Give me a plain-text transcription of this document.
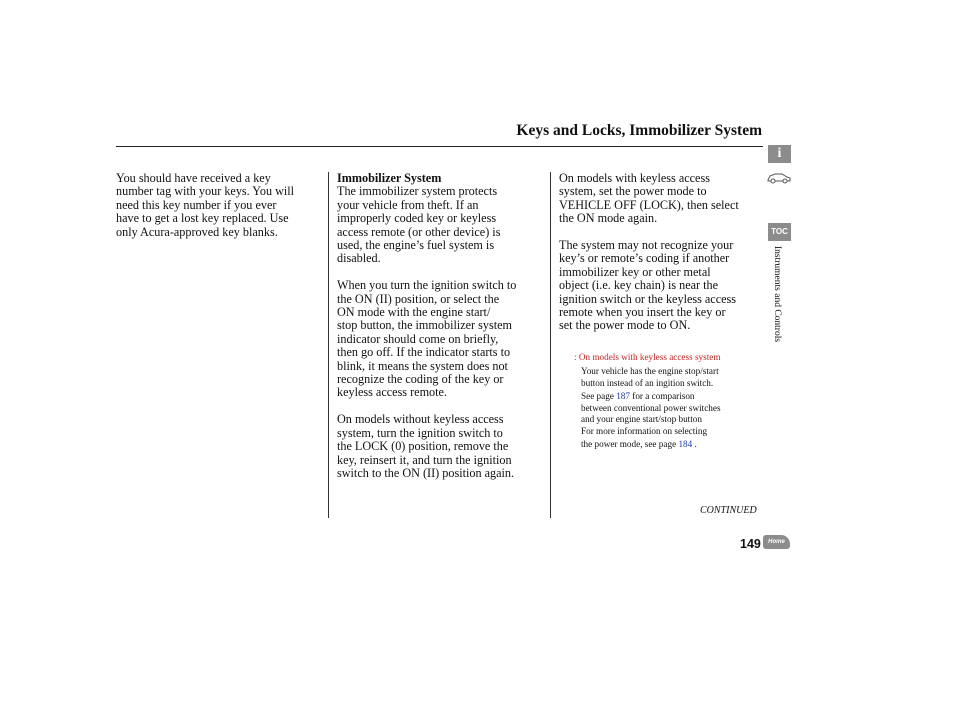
Keys and Locks, Immobilizer System
You should have received a key
number tag with your keys. You will
need this key number if you ever
have to get a lost key replaced. Use
only Acura-approved key blanks.
Immobilizer System

The immobilizer system protects
your vehicle from theft. If an
improperly coded key or keyless
access remote (or other device) is
used, the engine’s fuel system is
disabled.

When you turn the ignition switch to
the ON (II) position, or select the
ON mode with the engine start/
stop button, the immobilizer system
indicator should come on briefly,
then go off. If the indicator starts to
blink, it means the system does not
recognize the coding of the key or
keyless access remote.

On models without keyless access
system, turn the ignition switch to
the LOCK (0) position, remove the
key, reinsert it, and turn the ignition
switch to the ON (II) position again.

On models with keyless access
system, set the power mode to
VEHICLE OFF (LOCK), then select
the ON mode again.

The system may not recognize your
key’s or remote’s coding if another
immobilizer key or other metal
object (i.e. key chain) is near the
ignition switch or the keyless access
remote when you insert the key or
set the power mode to ON.

: On models with keyless access system
Your vehicle has the engine stop/start
button instead of an ingition switch.
See page 187 for a comparison
between conventional power switches
and your engine start/stop button
For more information on selecting
the power mode, see page 184 .
CONTINUED
149	Home
i
TOC
Instruments and Controls
